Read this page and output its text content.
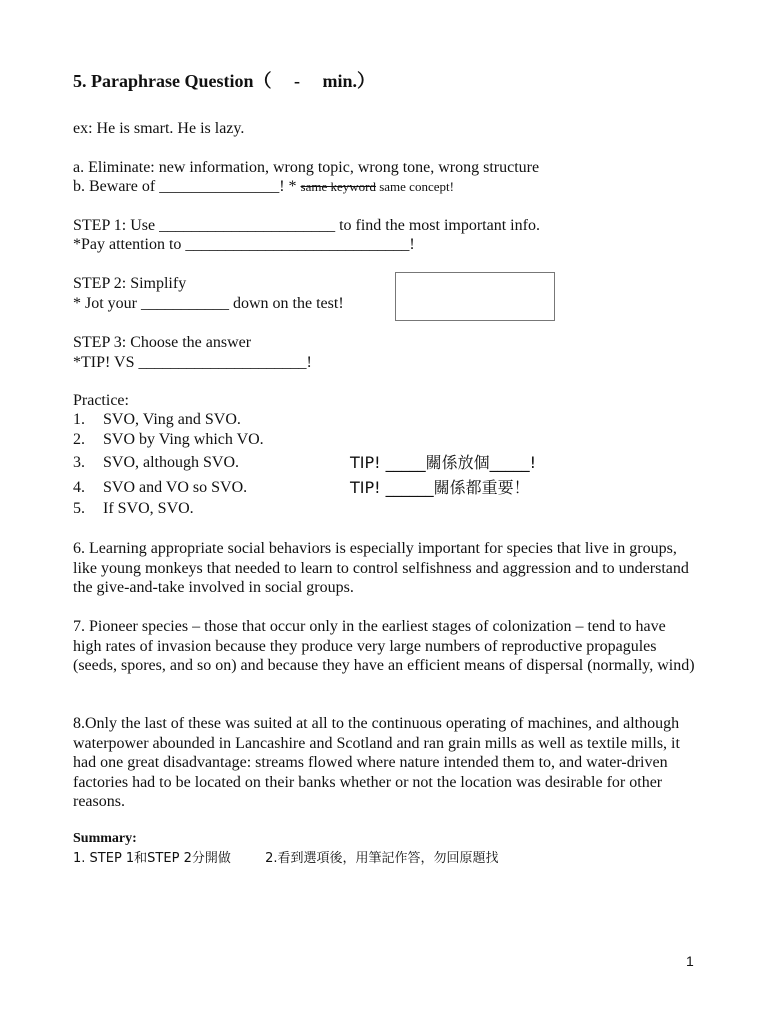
5. Paraphrase Question（　 -　 min.）
ex: He is smart. He is lazy.
a. Eliminate: new information, wrong topic, wrong tone, wrong structure
b. Beware of _______________! * same keyword same concept!
STEP 1: Use ______________________ to find the most important info.
*Pay attention to ____________________________!
STEP 2: Simplify
* Jot your ___________ down on the test!
STEP 3: Choose the answer
*TIP! VS _____________________!
Practice:
1. SVO, Ving and SVO.
2. SVO by Ving which VO.
3. SVO, although SVO.	TIP! _____關係放個_____!
4. SVO and VO so SVO.	TIP! ______關係都重要！
5. If SVO, SVO.
6. Learning appropriate social behaviors is especially important for species that live in groups, like young monkeys that needed to learn to control selfishness and aggression and to understand the give-and-take involved in social groups.
7. Pioneer species – those that occur only in the earliest stages of colonization – tend to have high rates of invasion because they produce very large numbers of reproductive propagules (seeds, spores, and so on) and because they have an efficient means of dispersal (normally, wind)
8.Only the last of these was suited at all to the continuous operating of machines, and although waterpower abounded in Lancashire and Scotland and ran grain mills as well as textile mills, it had one great disadvantage: streams flowed where nature intended them to, and water-driven factories had to be located on their banks whether or not the location was desirable for other reasons.
Summary:
1. STEP 1和STEP 2分開做	2.看到選項後，用筆記作答，勿回原題找
1
